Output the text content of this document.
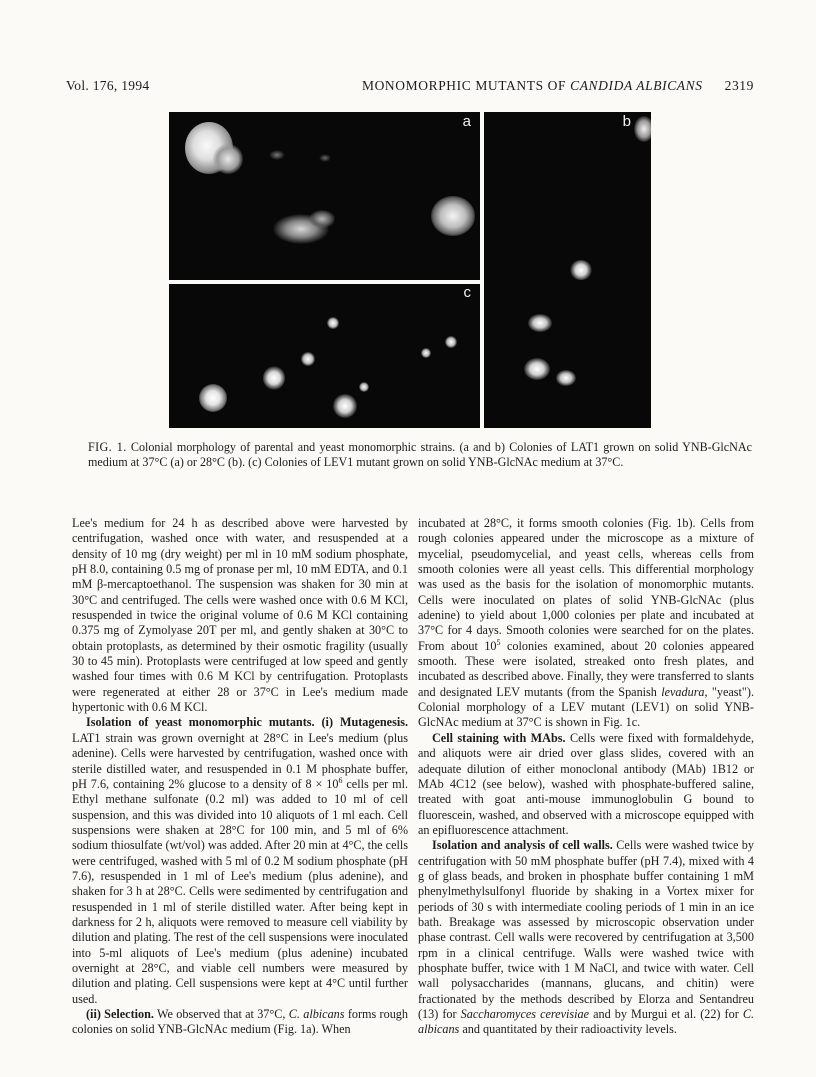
Vol. 176, 1994	MONOMORPHIC MUTANTS OF CANDIDA ALBICANS 2319
a
c
b
FIG. 1. Colonial morphology of parental and yeast monomorphic strains. (a and b) Colonies of LAT1 grown on solid YNB-GlcNAc medium at 37°C (a) or 28°C (b). (c) Colonies of LEV1 mutant grown on solid YNB-GlcNAc medium at 37°C.

Lee's medium for 24 h as described above were harvested by centrifugation, washed once with water, and resuspended at a density of 10 mg (dry weight) per ml in 10 mM sodium phosphate, pH 8.0, containing 0.5 mg of pronase per ml, 10 mM EDTA, and 0.1 mM β-mercaptoethanol. The suspension was shaken for 30 min at 30°C and centrifuged. The cells were washed once with 0.6 M KCl, resuspended in twice the original volume of 0.6 M KCl containing 0.375 mg of Zymolyase 20T per ml, and gently shaken at 30°C to obtain protoplasts, as determined by their osmotic fragility (usually 30 to 45 min). Protoplasts were centrifuged at low speed and gently washed four times with 0.6 M KCl by centrifugation. Protoplasts were regenerated at either 28 or 37°C in Lee's medium made hypertonic with 0.6 M KCl.

Isolation of yeast monomorphic mutants. (i) Mutagenesis. LAT1 strain was grown overnight at 28°C in Lee's medium (plus adenine). Cells were harvested by centrifugation, washed once with sterile distilled water, and resuspended in 0.1 M phosphate buffer, pH 7.6, containing 2% glucose to a density of $8 \times 10^6$ cells per ml. Ethyl methane sulfonate (0.2 ml) was added to 10 ml of cell suspension, and this was divided into 10 aliquots of 1 ml each. Cell suspensions were shaken at 28°C for 100 min, and 5 ml of 6% sodium thiosulfate (wt/vol) was added. After 20 min at 4°C, the cells were centrifuged, washed with 5 ml of 0.2 M sodium phosphate (pH 7.6), resuspended in 1 ml of Lee's medium (plus adenine), and shaken for 3 h at 28°C. Cells were sedimented by centrifugation and resuspended in 1 ml of sterile distilled water. After being kept in darkness for 2 h, aliquots were removed to measure cell viability by dilution and plating. The rest of the cell suspensions were inoculated into 5-ml aliquots of Lee's medium (plus adenine) incubated overnight at 28°C, and viable cell numbers were measured by dilution and plating. Cell suspensions were kept at 4°C until further used.

(ii) Selection. We observed that at 37°C, C. albicans forms rough colonies on solid YNB-GlcNAc medium (Fig. 1a). When

incubated at 28°C, it forms smooth colonies (Fig. 1b). Cells from rough colonies appeared under the microscope as a mixture of mycelial, pseudomycelial, and yeast cells, whereas cells from smooth colonies were all yeast cells. This differential morphology was used as the basis for the isolation of monomorphic mutants. Cells were inoculated on plates of solid YNB-GlcNAc (plus adenine) to yield about 1,000 colonies per plate and incubated at 37°C for 4 days. Smooth colonies were searched for on the plates. From about $10^5$ colonies examined, about 20 colonies appeared smooth. These were isolated, streaked onto fresh plates, and incubated as described above. Finally, they were transferred to slants and designated LEV mutants (from the Spanish levadura, "yeast"). Colonial morphology of a LEV mutant (LEV1) on solid YNB-GlcNAc medium at 37°C is shown in Fig. 1c.

Cell staining with MAbs. Cells were fixed with formaldehyde, and aliquots were air dried over glass slides, covered with an adequate dilution of either monoclonal antibody (MAb) 1B12 or MAb 4C12 (see below), washed with phosphate-buffered saline, treated with goat anti-mouse immunoglobulin G bound to fluorescein, washed, and observed with a microscope equipped with an epifluorescence attachment.

Isolation and analysis of cell walls. Cells were washed twice by centrifugation with 50 mM phosphate buffer (pH 7.4), mixed with 4 g of glass beads, and broken in phosphate buffer containing 1 mM phenylmethylsulfonyl fluoride by shaking in a Vortex mixer for periods of 30 s with intermediate cooling periods of 1 min in an ice bath. Breakage was assessed by microscopic observation under phase contrast. Cell walls were recovered by centrifugation at 3,500 rpm in a clinical centrifuge. Walls were washed twice with phosphate buffer, twice with 1 M NaCl, and twice with water. Cell wall polysaccharides (mannans, glucans, and chitin) were fractionated by the methods described by Elorza and Sentandreu (13) for Saccharomyces cerevisiae and by Murgui et al. (22) for C. albicans and quantitated by their radioactivity levels.
